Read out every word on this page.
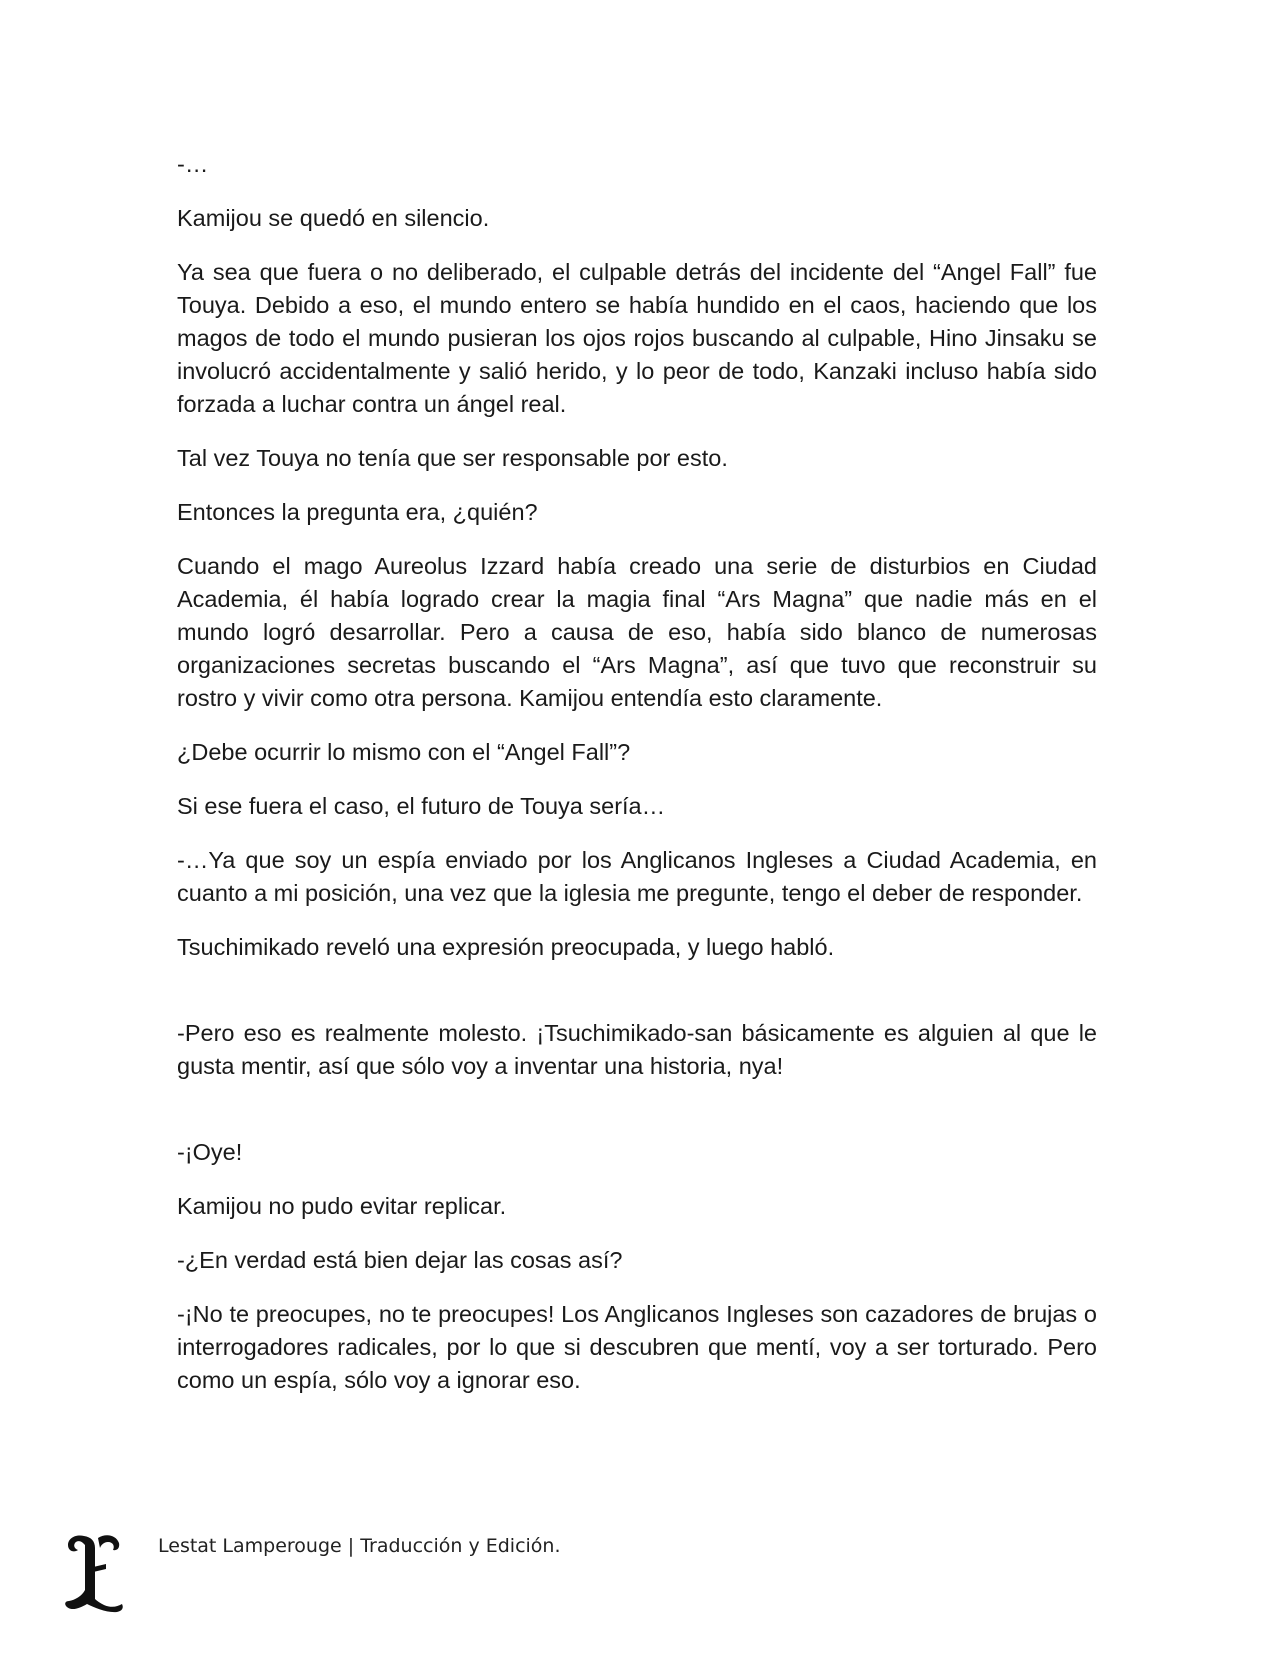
-…

Kamijou se quedó en silencio.

Ya sea que fuera o no deliberado, el culpable detrás del incidente del “Angel Fall” fue Touya. Debido a eso, el mundo entero se había hundido en el caos, haciendo que los magos de todo el mundo pusieran los ojos rojos buscando al culpable, Hino Jinsaku se involucró accidentalmente y salió herido, y lo peor de todo, Kanzaki incluso había sido forzada a luchar contra un ángel real.

Tal vez Touya no tenía que ser responsable por esto.

Entonces la pregunta era, ¿quién?

Cuando el mago Aureolus Izzard había creado una serie de disturbios en Ciudad Academia, él había logrado crear la magia final “Ars Magna” que nadie más en el mundo logró desarrollar. Pero a causa de eso, había sido blanco de numerosas organizaciones secretas buscando el “Ars Magna”, así que tuvo que reconstruir su rostro y vivir como otra persona. Kamijou entendía esto claramente.

¿Debe ocurrir lo mismo con el “Angel Fall”?

Si ese fuera el caso, el futuro de Touya sería…

-…Ya que soy un espía enviado por los Anglicanos Ingleses a Ciudad Academia, en cuanto a mi posición, una vez que la iglesia me pregunte, tengo el deber de responder.

Tsuchimikado reveló una expresión preocupada, y luego habló.

-Pero eso es realmente molesto. ¡Tsuchimikado-san básicamente es alguien al que le gusta mentir, así que sólo voy a inventar una historia, nya!

-¡Oye!

Kamijou no pudo evitar replicar.

-¿En verdad está bien dejar las cosas así?

-¡No te preocupes, no te preocupes! Los Anglicanos Ingleses son cazadores de brujas o interrogadores radicales, por lo que si descubren que mentí, voy a ser torturado. Pero como un espía, sólo voy a ignorar eso.

Lestat Lamperouge | Traducción y Edición.
